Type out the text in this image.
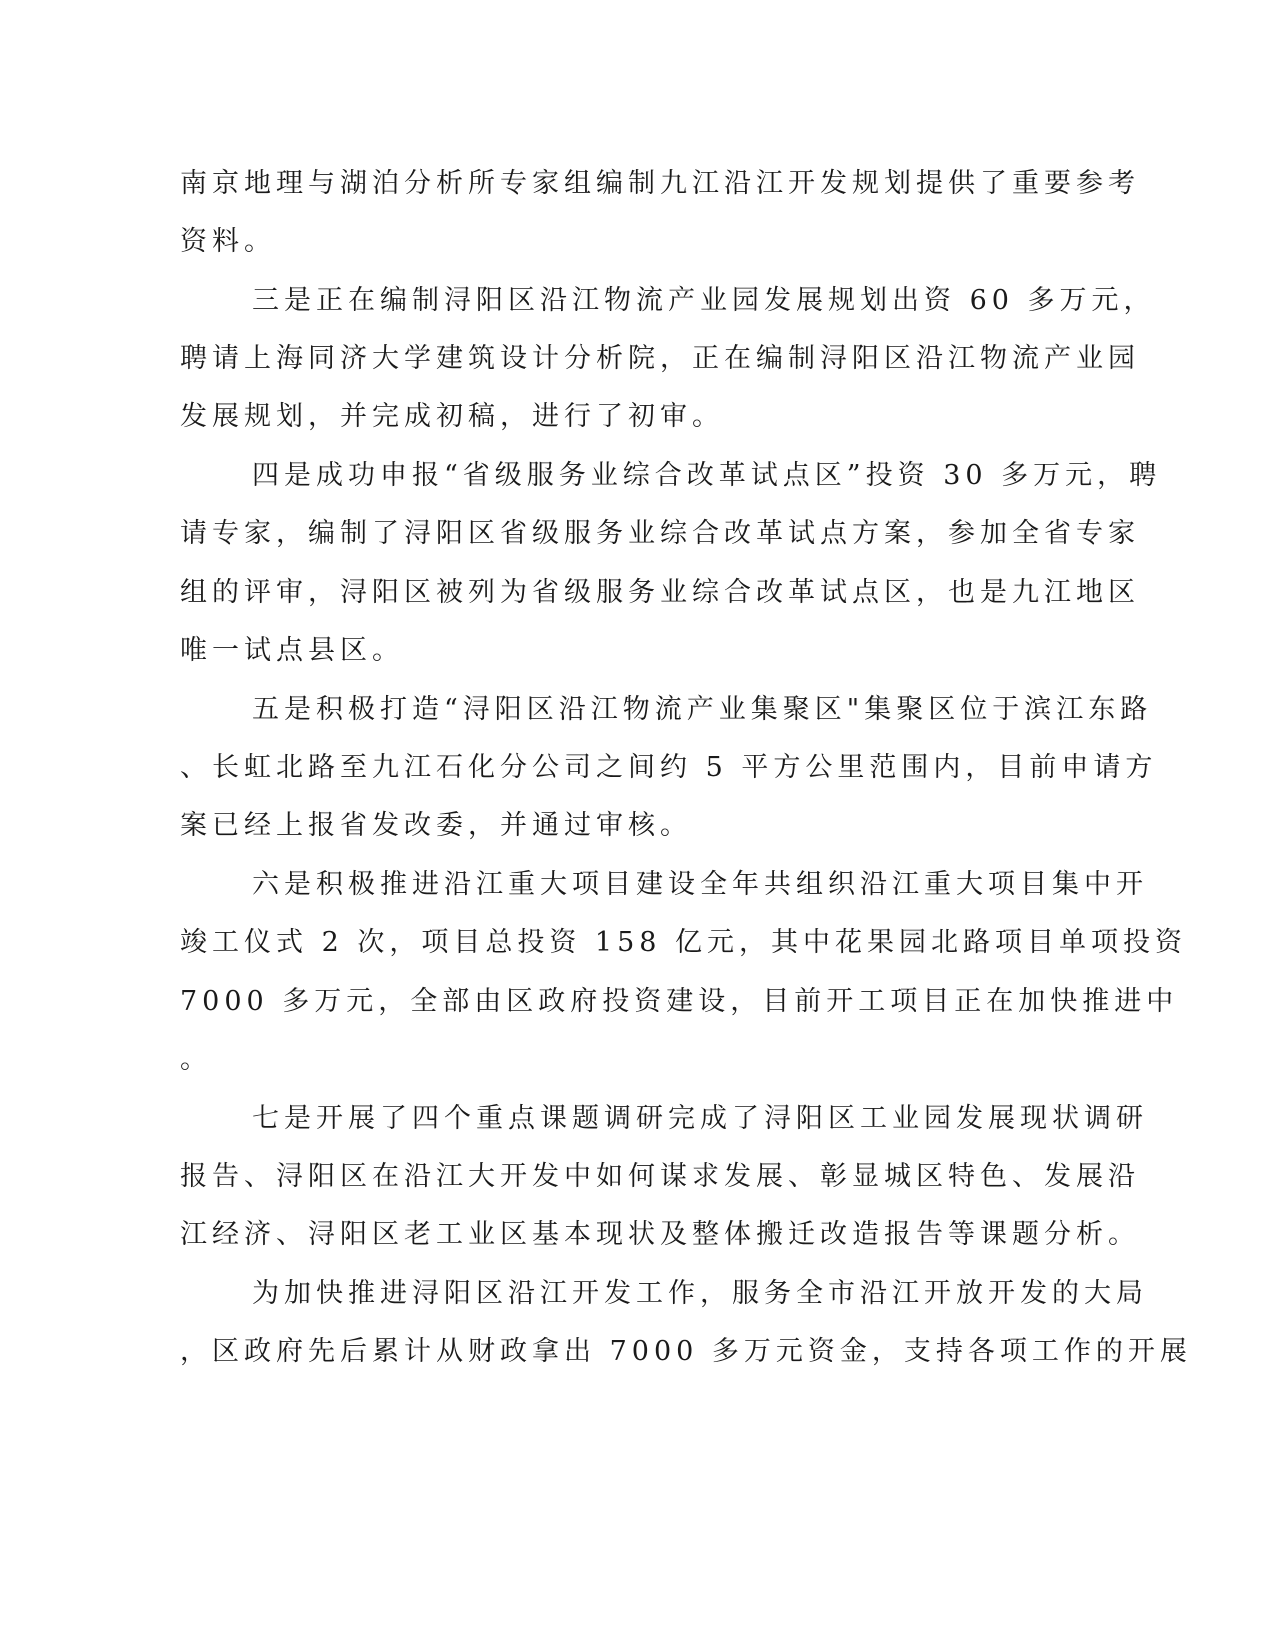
南京地理与湖泊分析所专家组编制九江沿江开发规划提供了重要参考
资料。
三是正在编制浔阳区沿江物流产业园发展规划出资 60 多万元，
聘请上海同济大学建筑设计分析院，正在编制浔阳区沿江物流产业园
发展规划，并完成初稿，进行了初审。
四是成功申报“省级服务业综合改革试点区”投资 30 多万元，聘
请专家，编制了浔阳区省级服务业综合改革试点方案，参加全省专家
组的评审，浔阳区被列为省级服务业综合改革试点区，也是九江地区
唯一试点县区。
五是积极打造“浔阳区沿江物流产业集聚区"集聚区位于滨江东路
、长虹北路至九江石化分公司之间约 5 平方公里范围内，目前申请方
案已经上报省发改委，并通过审核。
六是积极推进沿江重大项目建设全年共组织沿江重大项目集中开
竣工仪式 2 次，项目总投资 158 亿元，其中花果园北路项目单项投资
7000 多万元，全部由区政府投资建设，目前开工项目正在加快推进中
。
七是开展了四个重点课题调研完成了浔阳区工业园发展现状调研
报告、浔阳区在沿江大开发中如何谋求发展、彰显城区特色、发展沿
江经济、浔阳区老工业区基本现状及整体搬迁改造报告等课题分析。
为加快推进浔阳区沿江开发工作，服务全市沿江开放开发的大局
，区政府先后累计从财政拿出 7000 多万元资金，支持各项工作的开展
